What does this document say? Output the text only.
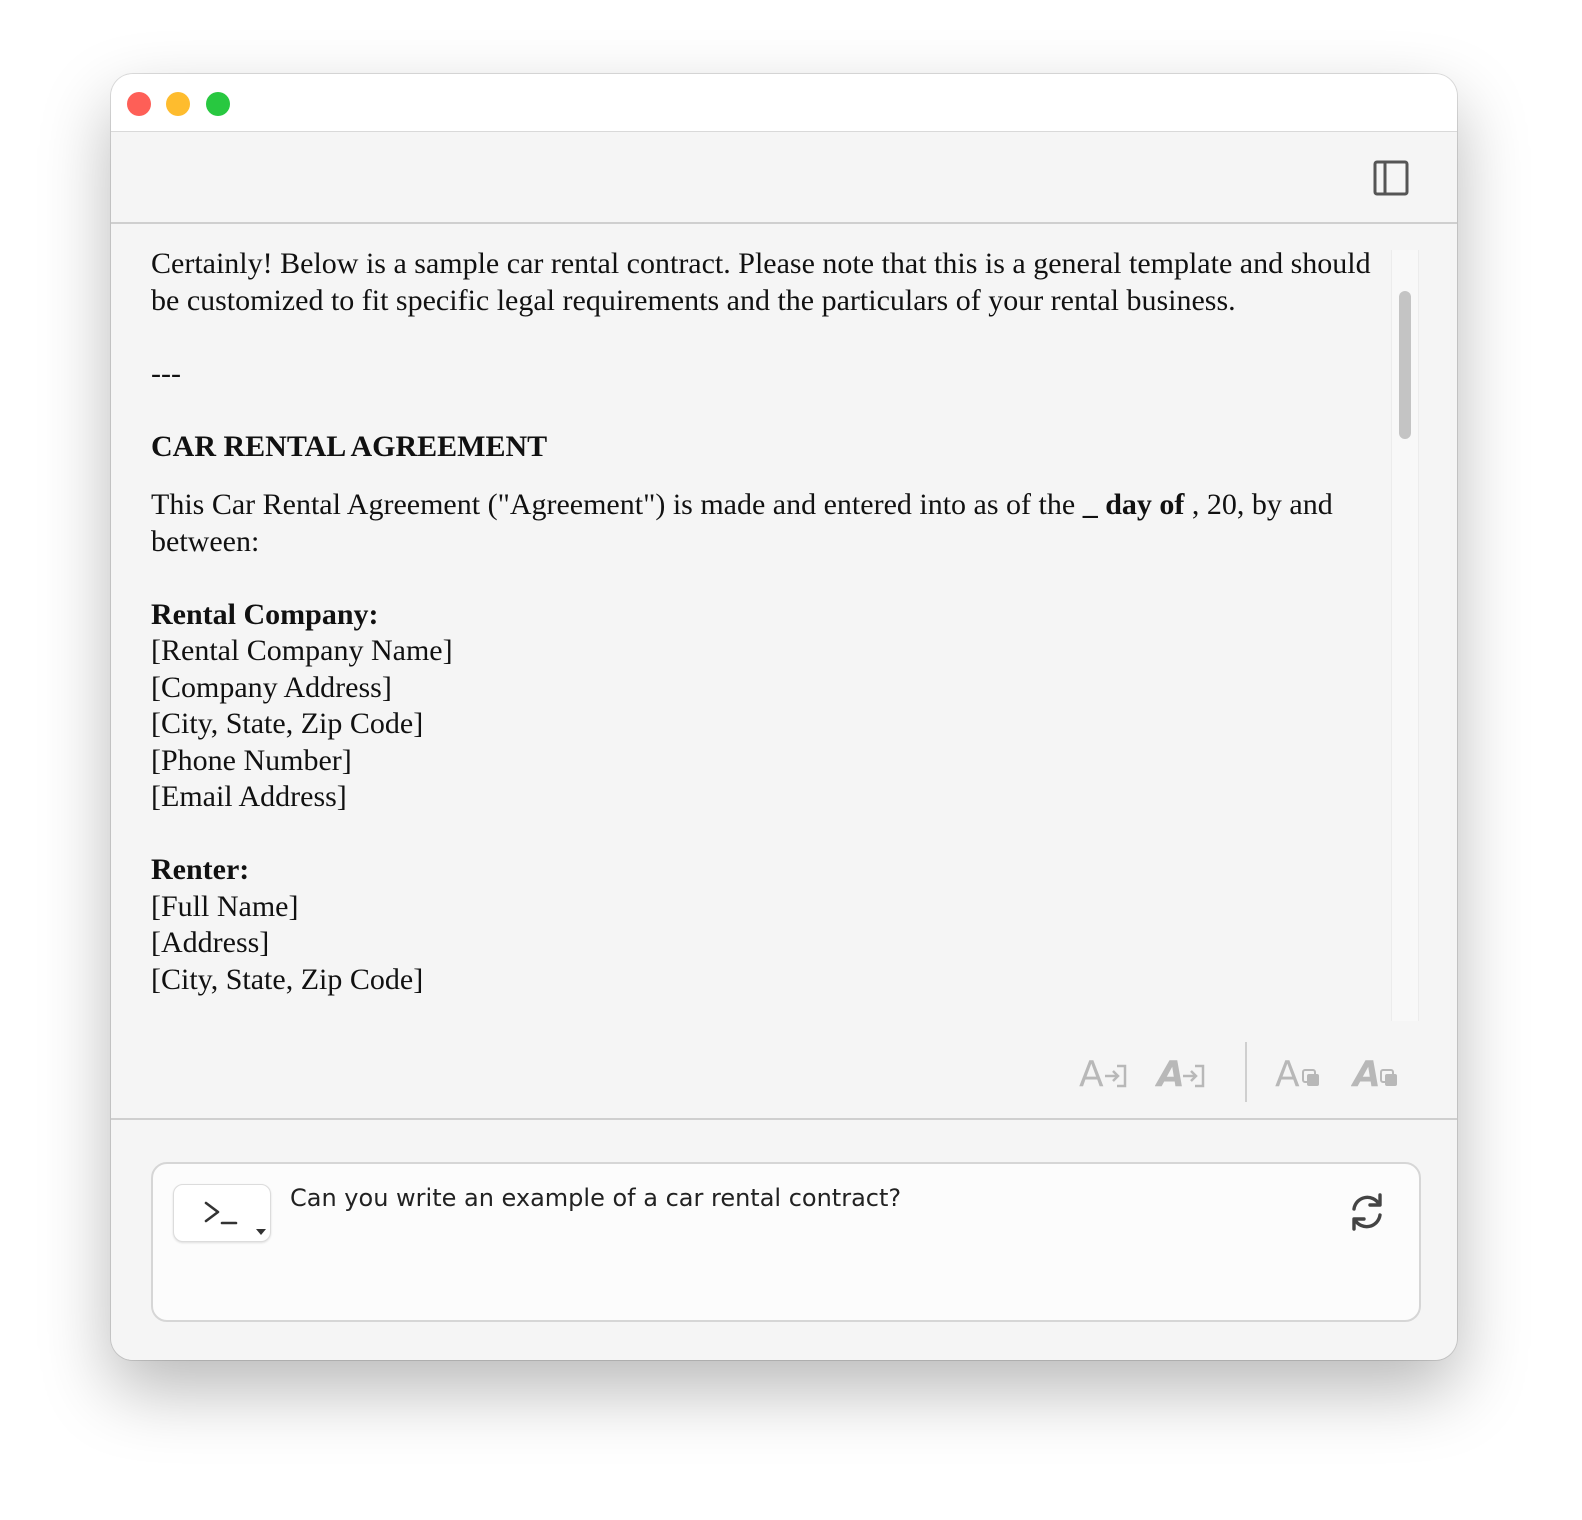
Certainly! Below is a sample car rental contract. Please note that this is a general template and should be customized to fit specific legal requirements and the particulars of your rental business.

---

CAR RENTAL AGREEMENT

This Car Rental Agreement ("Agreement") is made and entered into as of the _ day of , 20, by and between:

Rental Company:
[Rental Company Name]
[Company Address]
[City, State, Zip Code]
[Phone Number]
[Email Address]

Renter:
[Full Name]
[Address]
[City, State, Zip Code]

A A	A A
Can you write an example of a car rental contract?
